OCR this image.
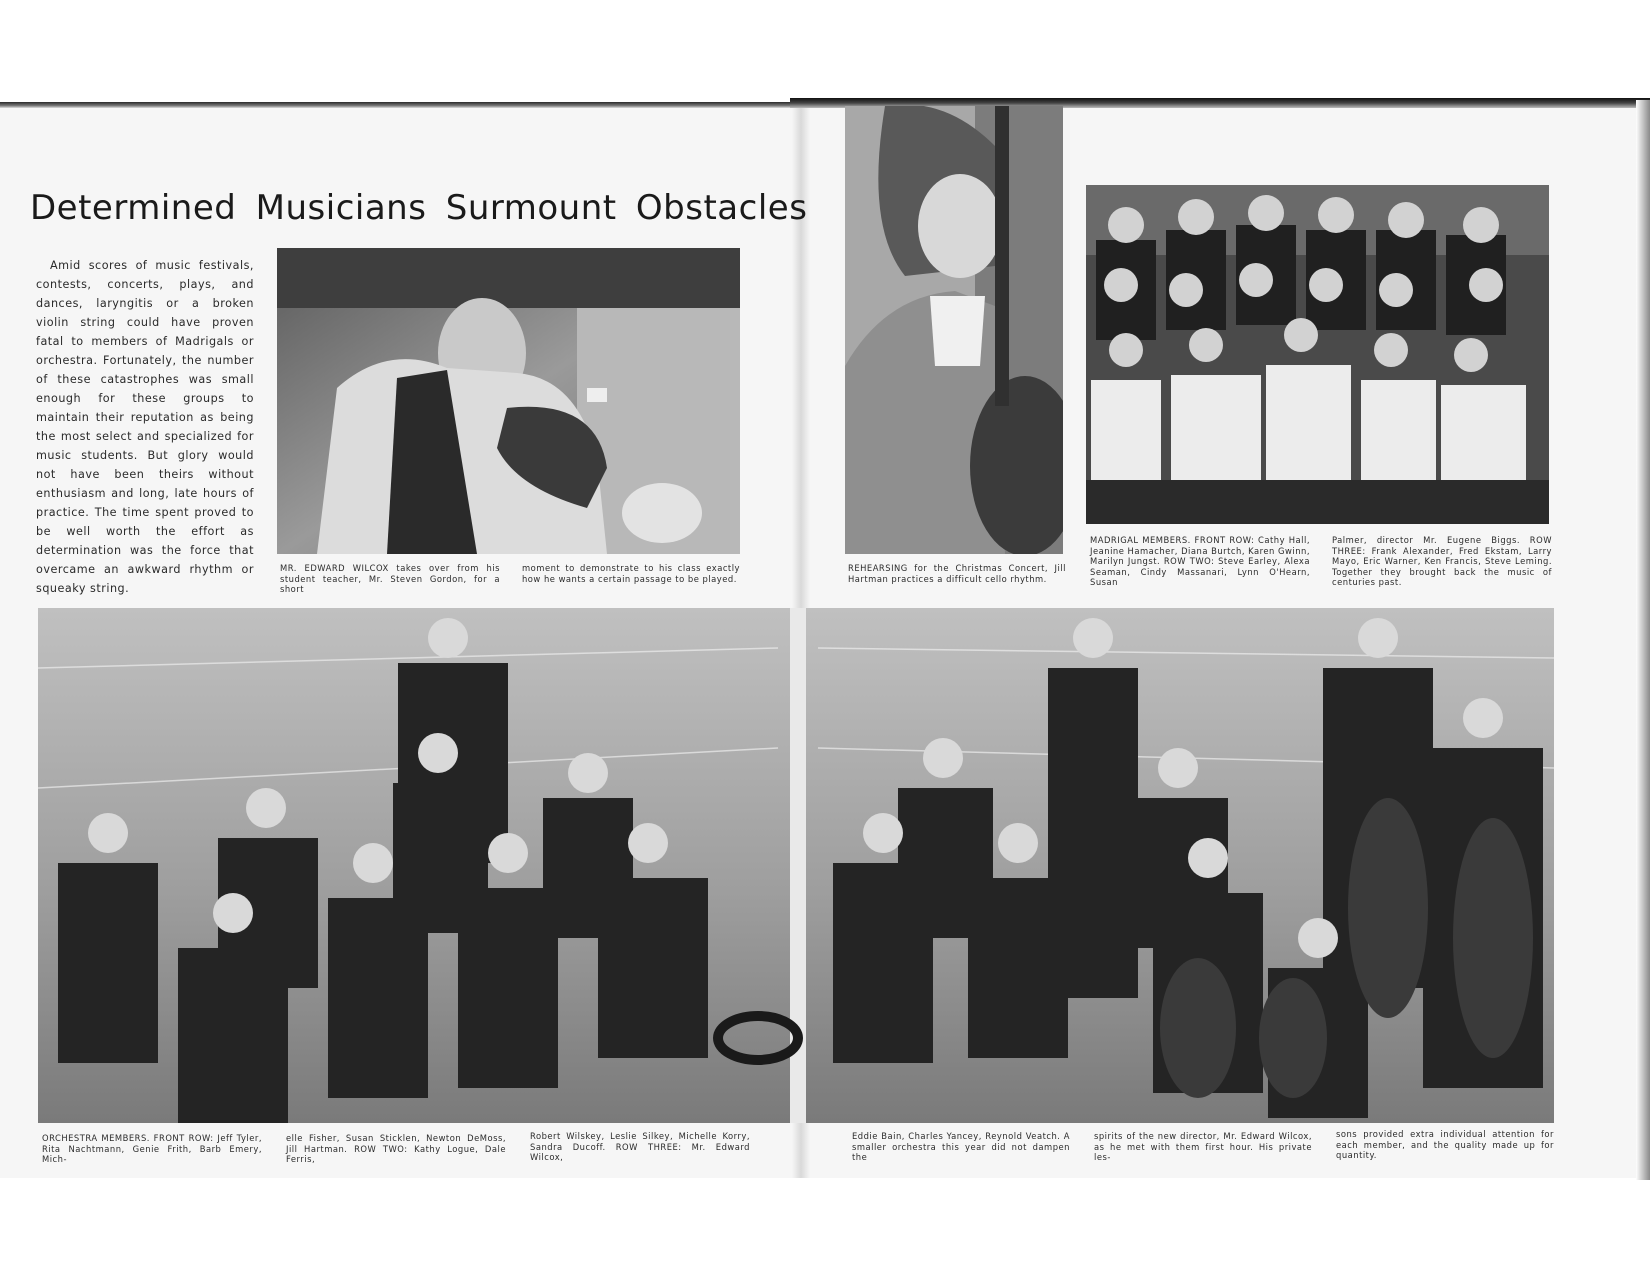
Determined Musicians Surmount Obstacles
Amid scores of music festivals, contests, concerts, plays, and dances, laryngitis or a broken violin string could have proven fatal to members of Madrigals or orchestra. Fortunately, the number of these catastrophes was small enough for these groups to maintain their reputation as being the most select and specialized for music students. But glory would not have been theirs without enthusiasm and long, late hours of practice. The time spent proved to be well worth the effort as determination was the force that overcame an awkward rhythm or squeaky string.
MR. EDWARD WILCOX takes over from his student teacher, Mr. Steven Gordon, for a short
moment to demonstrate to his class exactly how he wants a certain passage to be played.
REHEARSING for the Christmas Concert, Jill Hartman practices a difficult cello rhythm.
MADRIGAL MEMBERS. FRONT ROW: Cathy Hall, Jeanine Hamacher, Diana Burtch, Karen Gwinn, Marilyn Jungst. ROW TWO: Steve Earley, Alexa Seaman, Cindy Massanari, Lynn O'Hearn, Susan
Palmer, director Mr. Eugene Biggs. ROW THREE: Frank Alexander, Fred Ekstam, Larry Mayo, Eric Warner, Ken Francis, Steve Leming. Together they brought back the music of centuries past.
ORCHESTRA MEMBERS. FRONT ROW: Jeff Tyler, Rita Nachtmann, Genie Frith, Barb Emery, Mich-
elle Fisher, Susan Sticklen, Newton DeMoss, Jill Hartman. ROW TWO: Kathy Logue, Dale Ferris,
Robert Wilskey, Leslie Silkey, Michelle Korry, Sandra Ducoff. ROW THREE: Mr. Edward Wilcox,
Eddie Bain, Charles Yancey, Reynold Veatch. A smaller orchestra this year did not dampen the
spirits of the new director, Mr. Edward Wilcox, as he met with them first hour. His private les-
sons provided extra individual attention for each member, and the quality made up for quantity.
